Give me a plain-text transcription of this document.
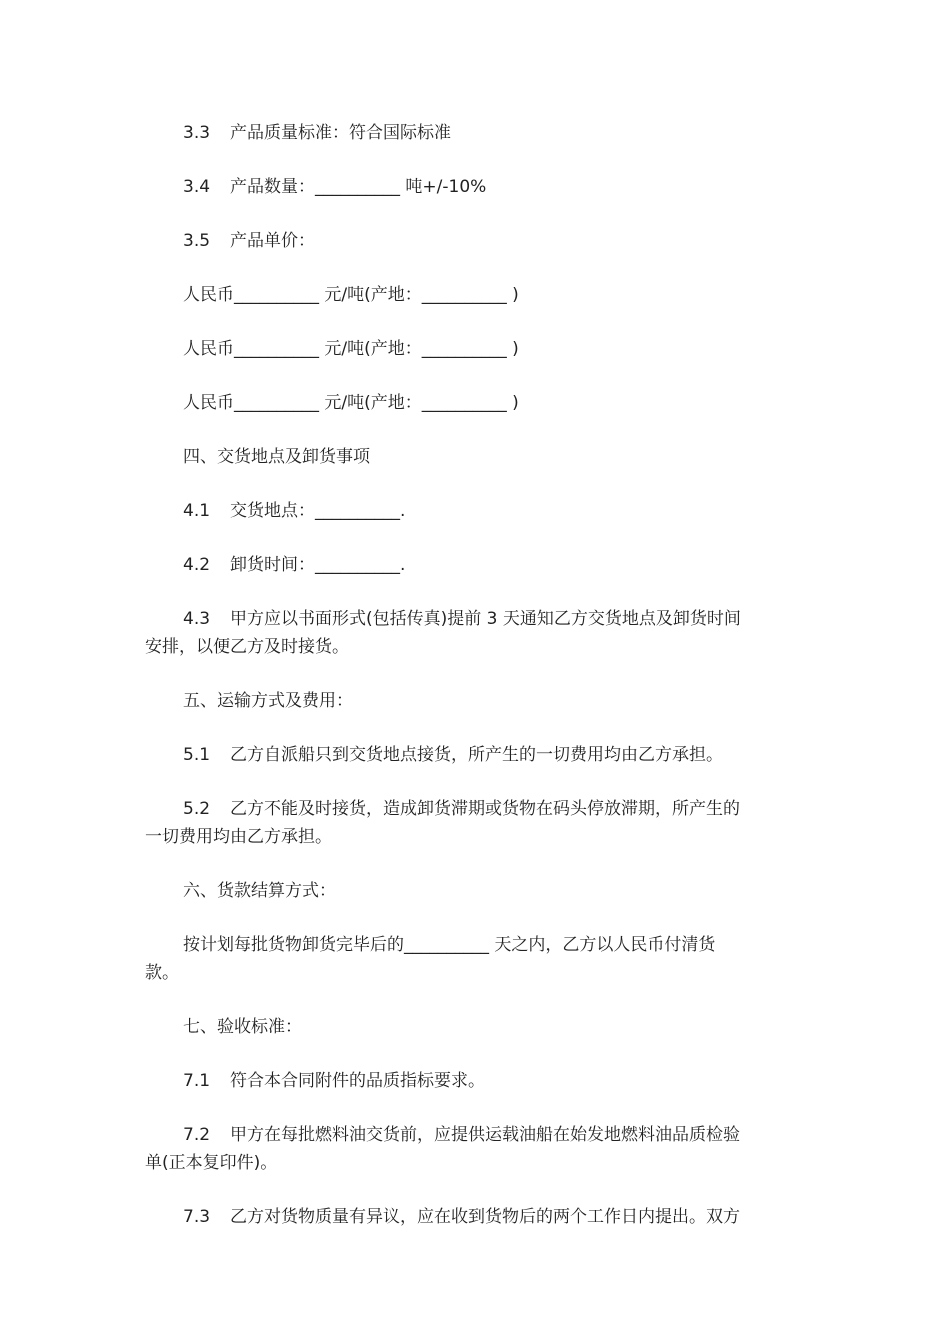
3.3 产品质量标准：符合国际标准
3.4 产品数量：__________ 吨+/-10%
3.5 产品单价：
人民币__________ 元/吨(产地：__________ )
人民币__________ 元/吨(产地：__________ )
人民币__________ 元/吨(产地：__________ )
四、交货地点及卸货事项
4.1 交货地点：__________.
4.2 卸货时间：__________.
4.3 甲方应以书面形式(包括传真)提前 3 天通知乙方交货地点及卸货时间
安排，以便乙方及时接货。
五、运输方式及费用：
5.1 乙方自派船只到交货地点接货，所产生的一切费用均由乙方承担。
5.2 乙方不能及时接货，造成卸货滞期或货物在码头停放滞期，所产生的
一切费用均由乙方承担。
六、货款结算方式：
按计划每批货物卸货完毕后的__________ 天之内，乙方以人民币付清货
款。
七、验收标准：
7.1 符合本合同附件的品质指标要求。
7.2 甲方在每批燃料油交货前，应提供运载油船在始发地燃料油品质检验
单(正本复印件)。
7.3 乙方对货物质量有异议，应在收到货物后的两个工作日内提出。双方
